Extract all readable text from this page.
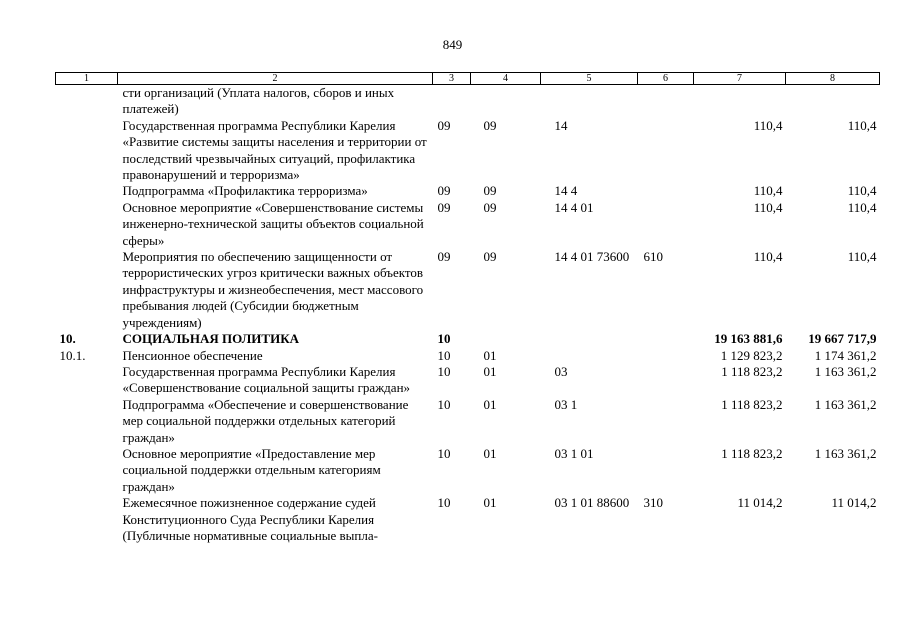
849
1	2	3	4	5	6	7	8
	сти организаций (Уплата налогов, сборов и иных платежей)						
	Государственная программа Республики Карелия «Развитие системы защиты населения и территории от последствий чрезвычайных ситуаций, профилактика правонарушений и терроризма»	09	09	14		110,4	110,4
	Подпрограмма «Профилактика терроризма»	09	09	14 4		110,4	110,4
	Основное мероприятие «Совершенствование системы инженерно-технической защиты объектов социальной сферы»	09	09	14 4 01		110,4	110,4
	Мероприятия по обеспечению защищенности от террористических угроз критически важных объектов инфраструктуры и жизнеобеспечения, мест массового пребывания людей (Субсидии бюджетным учреждениям)	09	09	14 4 01 73600	610	110,4	110,4
10.	СОЦИАЛЬНАЯ ПОЛИТИКА	10				19 163 881,6	19 667 717,9
10.1.	Пенсионное обеспечение	10	01			1 129 823,2	1 174 361,2
	Государственная программа Республики Карелия «Совершенствование социальной защиты граждан»	10	01	03		1 118 823,2	1 163 361,2
	Подпрограмма «Обеспечение и совершенствование мер социальной поддержки отдельных категорий граждан»	10	01	03 1		1 118 823,2	1 163 361,2
	Основное мероприятие «Предоставление мер социальной поддержки отдельным категориям граждан»	10	01	03 1 01		1 118 823,2	1 163 361,2
	Ежемесячное пожизненное содержание судей Конституционного Суда Республики Карелия (Публичные нормативные социальные выпла-	10	01	03 1 01 88600	310	11 014,2	11 014,2
